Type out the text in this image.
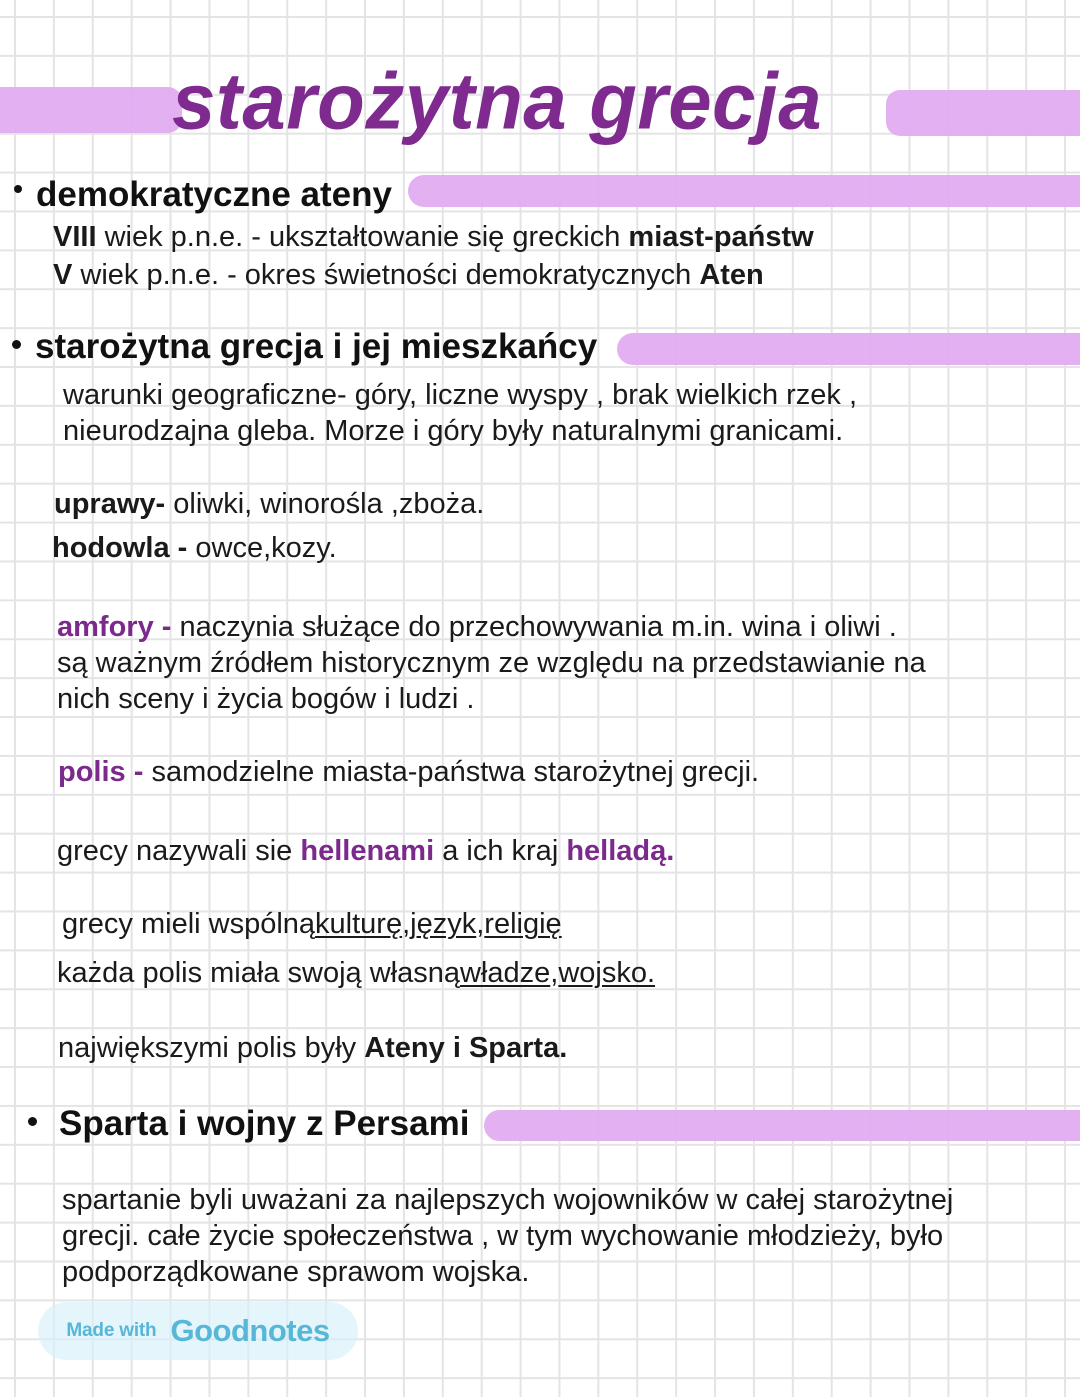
starożytna grecja
demokratyczne ateny
VIII wiek p.n.e. - ukształtowanie się greckich miast-państw
V wiek p.n.e. - okres świetności demokratycznych Aten
starożytna grecja i jej mieszkańcy
warunki geograficzne- góry, liczne wyspy , brak wielkich rzek ,
nieurodzajna gleba. Morze i góry były naturalnymi granicami.
uprawy- oliwki, winorośla ,zboża.
hodowla - owce,kozy.
amfory - naczynia służące do przechowywania m.in. wina i oliwi .
są ważnym źródłem historycznym ze względu na przedstawianie na
nich sceny i życia bogów i ludzi .
polis - samodzielne miasta-państwa starożytnej grecji.
grecy nazywali sie hellenami a ich kraj helladą.
grecy mieli wspólnąkulturę,język,religię
każda polis miała swoją własnąwładze,wojsko.
największymi polis były Ateny i Sparta.
Sparta i wojny z Persami
spartanie byli uważani za najlepszych wojowników w całej starożytnej
grecji. całe życie społeczeństwa , w tym wychowanie młodzieży, było
podporządkowane sprawom wojska.
Made with Goodnotes
